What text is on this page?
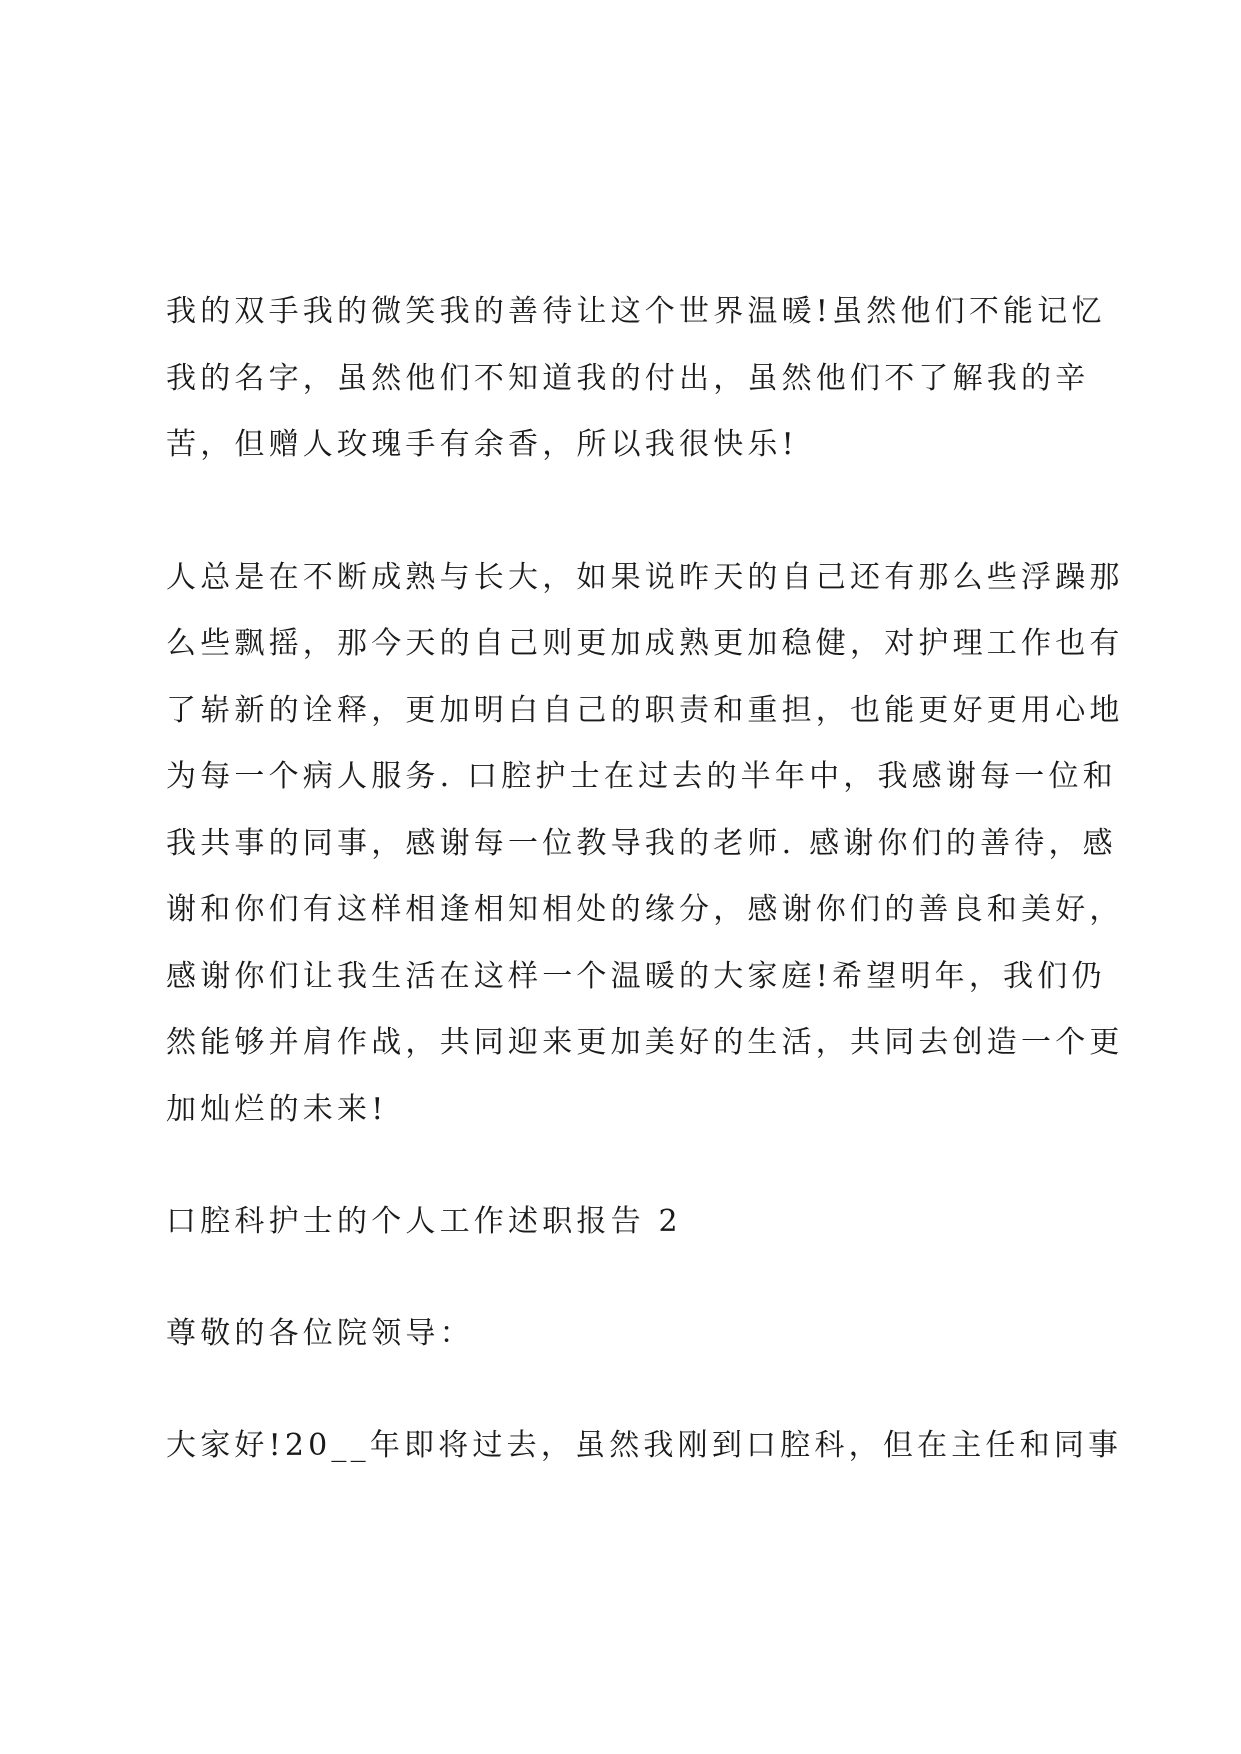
我的双手我的微笑我的善待让这个世界温暖!虽然他们不能记忆

我的名字，虽然他们不知道我的付出，虽然他们不了解我的辛

苦，但赠人玫瑰手有余香，所以我很快乐!

人总是在不断成熟与长大，如果说昨天的自己还有那么些浮躁那

么些飘摇，那今天的自己则更加成熟更加稳健，对护理工作也有

了崭新的诠释，更加明白自己的职责和重担，也能更好更用心地

为每一个病人服务. 口腔护士在过去的半年中，我感谢每一位和

我共事的同事，感谢每一位教导我的老师. 感谢你们的善待，感

谢和你们有这样相逢相知相处的缘分，感谢你们的善良和美好，

感谢你们让我生活在这样一个温暖的大家庭!希望明年，我们仍

然能够并肩作战，共同迎来更加美好的生活，共同去创造一个更

加灿烂的未来!

口腔科护士的个人工作述职报告 2

尊敬的各位院领导：

大家好!20__年即将过去，虽然我刚到口腔科，但在主任和同事
